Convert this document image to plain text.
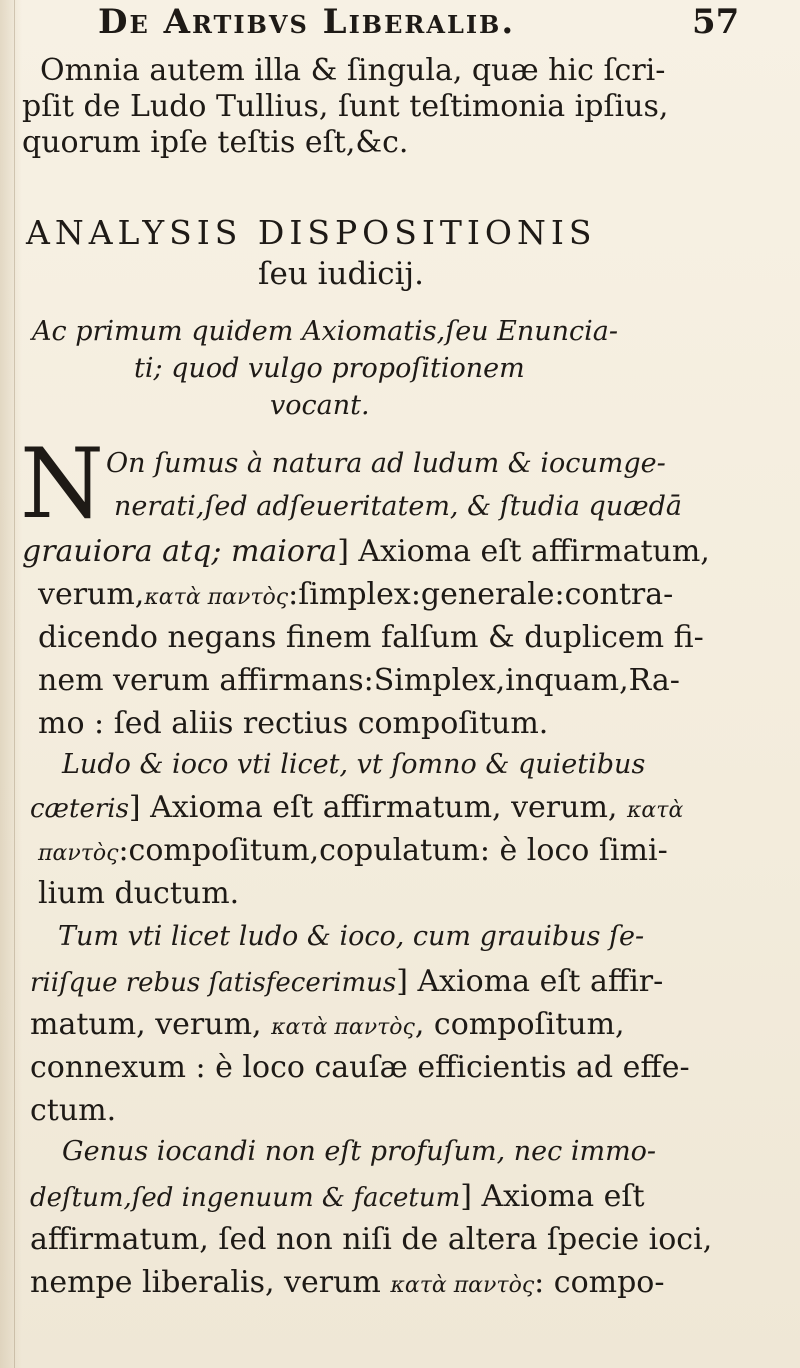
De Artibvs Liberalib.	57
Omnia autem illa & ſingula, quæ hic ſcri-
pſit de Ludo Tullius, ſunt teſtimonia ipſius,
quorum ipſe teſtis eſt,&c.
ANALYSIS DISPOSITIONIS
ſeu iudicij.
Ac primum quidem Axiomatis,ſeu Enuncia-
ti; quod vulgo propoſitionem
vocant.
N On ſumus à natura ad ludum & iocumge-
nerati,ſed adſeueritatem, & ſtudia quædā
grauiora atq; maiora] Axioma eſt affirmatum,
verum,κατὰ παντὸς:ſimplex:generale:contra-
dicendo negans finem falſum & duplicem fi-
nem verum affirmans:Simplex,inquam,Ra-
mo : ſed aliis rectius compoſitum.
Ludo & ioco vti licet, vt ſomno & quietibus
cæteris] Axioma eſt affirmatum, verum, κατὰ
παντὸς:compoſitum,copulatum: è loco ſimi-
lium ductum.
Tum vti licet ludo & ioco, cum grauibus ſe-
riiſque rebus ſatisfecerimus] Axioma eſt affir-
matum, verum, κατὰ παντὸς, compoſitum,
connexum : è loco cauſæ efficientis ad effe-
ctum.
Genus iocandi non eſt profuſum, nec immo-
deſtum,ſed ingenuum & facetum] Axioma eſt
affirmatum, ſed non niſi de altera ſpecie ioci,
nempe liberalis, verum κατὰ παντὸς: compo-
